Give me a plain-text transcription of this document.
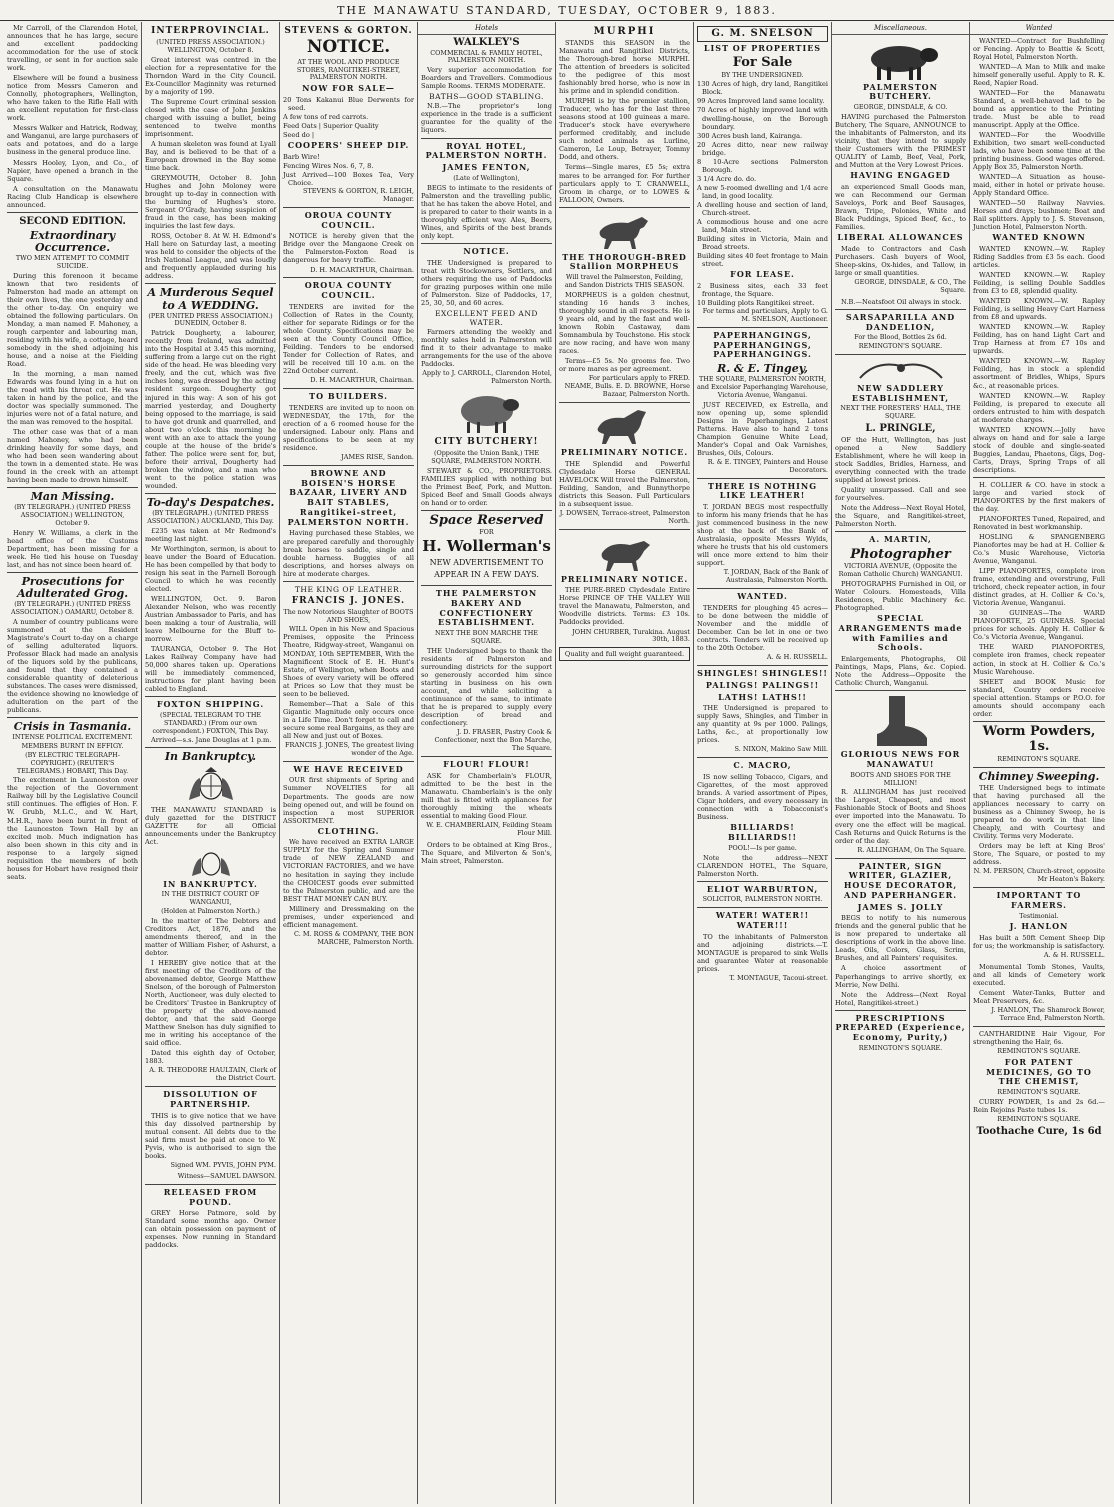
THE MANAWATU STANDARD, TUESDAY, OCTOBER 9, 1883.
Mr Carroll, of the Clarendon Hotel, announces that he has large, secure and excellent paddocking accommodation for the use of stock travelling, or sent in for auction sale work.
Elsewhere will be found a business notice from Messrs Cameron and Connolly, photographers, Wellington, who have taken to the Rifle Hall with an excellent reputation for first-class work.
Messrs Walker and Hatrick, Rodway, and Wanganui, are large purchasers of oats and potatoes, and do a large business in the general produce line.
Messrs Hooley, Lyon, and Co., of Napier, have opened a branch in the Square.
A consultation on the Manawatu Racing Club Handicap is elsewhere announced.
SECOND EDITION.
Extraordinary Occurrence.
TWO MEN ATTEMPT TO COMMIT SUICIDE.
During this forenoon it became known that two residents of Palmerston had made an attempt on their own lives, the one yesterday and the other to-day. On enquiry we obtained the following particulars. On Monday, a man named F. Mahoney, a rough carpenter and labouring man, residing with his wife, a cottage, heard somebody in the shed adjoining his house, and a noise at the Fielding Road.
In the morning, a man named Edwards was found lying in a hut on the road with his throat cut. He was taken in hand by the police, and the doctor was specially summoned. The injuries were not of a fatal nature, and the man was removed to the hospital.
The other case was that of a man named Mahoney, who had been drinking heavily for some days, and who had been seen wandering about the town in a demented state. He was found in the creek with an attempt having been made to drown himself.
Man Missing.
(BY TELEGRAPH.) (UNITED PRESS ASSOCIATION.) WELLINGTON, October 9.
Henry W. Williams, a clerk in the head office of the Customs Department, has been missing for a week. He tied his house on Tuesday last, and has not since been heard of.
Prosecutions for Adulterated Grog.
(BY TELEGRAPH.) (UNITED PRESS ASSOCIATION.) OAMARU, October 8.
A number of country publicans were summoned at the Resident Magistrate's Court to-day on a charge of selling adulterated liquors. Professor Black had made an analysis of the liquors sold by the publicans, and found that they contained a considerable quantity of deleterious substances. The cases were dismissed, the evidence showing no knowledge of adulteration on the part of the publicans.
Crisis in Tasmania.
INTENSE POLITICAL EXCITEMENT.
MEMBERS BURNT IN EFFIGY.
(BY ELECTRIC TELEGRAPH-COPYRIGHT.) (REUTER'S TELEGRAMS.) HOBART, This Day.
The excitement in Launceston over the rejection of the Government Railway bill by the Legislative Council still continues. The effigies of Hon. F. W. Grubb, M.L.C., and W. Hart, M.H.R., have been burnt in front of the Launceston Town Hall by an excited mob. Much indignation has also been shown in this city and in response to a largely signed requisition the members of both houses for Hobart have resigned their seats.
INTERPROVINCIAL.
(UNITED PRESS ASSOCIATION.) WELLINGTON, October 8.
Great interest was centred in the election for a representative for the Thorndon Ward in the City Council. Ex-Councillor Maginnity was returned by a majority of 199.
The Supreme Court criminal session closed with the case of John Jenkins charged with issuing a bullet, being sentenced to twelve months imprisonment.
A human skeleton was found at Lyall Bay, and is believed to be that of a European drowned in the Bay some time back.
GREYMOUTH, October 8. John Hughes and John Moloney were brought up to-day in connection with the burning of Hughes's store. Sergeant O'Grady, having suspicion of fraud in the case, has been making inquiries the last few days.
ROSS, October 8. At W. H. Edmond's Hall here on Saturday last, a meeting was held to consider the objects of the Irish National League, and was loudly and frequently applauded during his address.
A Murderous Sequel to A WEDDING.
(PER UNITED PRESS ASSOCIATION.) DUNEDIN, October 8.
Patrick Dougherty, a labourer, recently from Ireland, was admitted into the Hospital at 3.45 this morning, suffering from a large cut on the right side of the head. He was bleeding very freely, and the cut, which was five inches long, was dressed by the acting resident surgeon. Dougherty got injured in this way: A son of his got married yesterday, and Dougherty being opposed to the marriage, is said to have got drunk and quarrelled, and about two o'clock this morning he went with an axe to attack the young couple at the house of the bride's father. The police were sent for, but, before their arrival, Dougherty had broken the window, and a man who went to the police station was wounded.
To-day's Despatches.
(BY TELEGRAPH.) (UNITED PRESS ASSOCIATION.) AUCKLAND, This Day.
£235 was taken at Mr Redmond's meeting last night.
Mr Worthington, sermon, is about to leave under the Board of Education. He has been compelled by that body to resign his seat in the Parnell Borough Council to which he was recently elected.
WELLINGTON, Oct. 9. Baron Alexander Nelson, who was recently Austrian Ambassador to Paris, and has been making a tour of Australia, will leave Melbourne for the Bluff to-morrow.
TAURANGA, October 9. The Hot Lakes Railway Company have had 50,000 shares taken up. Operations will be immediately commenced, instructions for plant having been cabled to England.
FOXTON SHIPPING.
(SPECIAL TELEGRAM TO THE STANDARD.) (From our own correspondent.) FOXTON, This Day.
Arrived—s.s. Jane Douglas at 1 p.m.
In Bankruptcy.
THE MANAWATU STANDARD is duly gazetted for the DISTRICT GAZETTE for all Official announcements under the Bankruptcy Act.
IN BANKRUPTCY.
IN THE DISTRICT COURT OF WANGANUI,
(Holden at Palmerston North.)
In the matter of The Debtors and Creditors Act, 1876, and the amendments thereof, and in the matter of William Fisher, of Ashurst, a debtor.
I HEREBY give notice that at the first meeting of the Creditors of the abovenamed debtor, George Matthew Snelson, of the borough of Palmerston North, Auctioneer, was duly elected to be Creditors' Trustee in Bankruptcy of the property of the above-named debtor, and that the said George Matthew Snelson has duly signified to me in writing his acceptance of the said office.
Dated this eighth day of October, 1883.
A. R. THEODORE HAULTAIN, Clerk of the District Court.
DISSOLUTION OF PARTNERSHIP.
THIS is to give notice that we have this day dissolved partnership by mutual consent. All debts due to the said firm must be paid at once to W. Pyvis, who is authorised to sign the books.
Signed WM. PYVIS, JOHN PYM.
Witness—SAMUEL DAWSON.
RELEASED FROM POUND.
GREY Horse Patmore, sold by Standard some months ago. Owner can obtain possession on payment of expenses. Now running in Standard paddocks.
STEVENS & GORTON.
NOTICE.
AT THE WOOL AND PRODUCE STORES, RANGITIKEI-STREET, PALMERSTON NORTH.
NOW FOR SALE—
20 Tons Kakanui Blue Derwents for seed.
A few tons of red carrots.
Feed Oats | Superior Quality
Seed do |
COOPERS' SHEEP DIP.
Barb Wire!
Fencing Wires Nos. 6, 7, 8.
Just Arrived—100 Boxes Tea, Very Choice.
STEVENS & GORTON, R. LEIGH, Manager.
OROUA COUNTY COUNCIL.
NOTICE is hereby given that the Bridge over the Mangaone Creek on the Palmerston-Foxton Road is dangerous for heavy traffic.
D. H. MACARTHUR, Chairman.
OROUA COUNTY COUNCIL.
TENDERS are invited for the Collection of Rates in the County, either for separate Ridings or for the whole County. Specifications may be seen at the County Council Office, Feilding. Tenders to be endorsed Tender for Collection of Rates, and will be received till 10 a.m. on the 22nd October current.
D. H. MACARTHUR, Chairman.
TO BUILDERS.
TENDERS are invited up to noon on WEDNESDAY, the 17th, for the erection of a 6 roomed house for the undersigned. Labour only. Plans and specifications to be seen at my residence.
JAMES RISE, Sandon.
BROWNE AND BOISEN'S HORSE BAZAAR, LIVERY AND BAIT STABLES, Rangitikei-street, PALMERSTON NORTH.
Having purchased these Stables, we are prepared carefully and thoroughly break horses to saddle, single and double harness. Buggies of all descriptions, and horses always on hire at moderate charges.
THE KING OF LEATHER.
FRANCIS J. JONES.
The now Notorious Slaughter of BOOTS AND SHOES,
WILL Open in his New and Spacious Premises, opposite the Princess Theatre, Ridgway-street, Wanganui on MONDAY, 10th SEPTEMBER, With the Magnificent Stock of E. H. Hunt's Estate, of Wellington, when Boots and Shoes of every variety will be offered at Prices so Low that they must be seen to be believed.
Remember—That a Sale of this Gigantic Magnitude only occurs once in a Life Time. Don't forget to call and secure some real Bargains, as they are all New and just out of Boxes.
FRANCIS J. JONES, The greatest living wonder of the Age.
WE HAVE RECEIVED
OUR first shipments of Spring and Summer NOVELTIES for all Departments. The goods are now being opened out, and will be found on inspection a most SUPERIOR ASSORTMENT.
CLOTHING.
We have received an EXTRA LARGE SUPPLY for the Spring and Summer trade of NEW ZEALAND and VICTORIAN FACTORIES, and we have no hesitation in saying they include the CHOICEST goods ever submitted to the Palmerston public, and are the BEST THAT MONEY CAN BUY.
Millinery and Dressmaking on the premises, under experienced and efficient management.
C. M. ROSS & COMPANY, THE BON MARCHE, Palmerston North.
Hotels
WALKLEY'S
COMMERCIAL & FAMILY HOTEL, PALMERSTON NORTH.
Very superior accommodation for Boarders and Travellers. Commodious Sample Rooms. TERMS MODERATE.
BATHS—GOOD STABLING.
N.B.—The proprietor's long experience in the trade is a sufficient guarantee for the quality of the liquors.
ROYAL HOTEL, PALMERSTON NORTH.
JAMES FENTON,
(Late of Wellington),
BEGS to intimate to the residents of Palmerston and the travelling public, that he has taken the above Hotel, and is prepared to cater to their wants in a thoroughly efficient way. Ales, Beers, Wines, and Spirits of the best brands only kept.
NOTICE.
THE Undersigned is prepared to treat with Stockowners, Settlers, and others requiring the use of Paddocks for grazing purposes within one mile of Palmerston. Size of Paddocks, 17, 25, 30, 50, and 60 acres.
EXCELLENT FEED AND WATER.
Farmers attending the weekly and monthly sales held in Palmerston will find it to their advantage to make arrangements for the use of the above Paddocks.
Apply to J. CARROLL, Clarendon Hotel, Palmerston North.
CITY BUTCHERY!
(Opposite the Union Bank,) THE SQUARE, PALMERSTON NORTH.
STEWART & CO., PROPRIETORS. FAMILIES supplied with nothing but the Primest Beef, Pork, and Mutton. Spiced Beef and Small Goods always on hand or to order.
Space Reserved
FOR
H. Wollerman's
NEW ADVERTISEMENT TO APPEAR IN A FEW DAYS.
THE PALMERSTON BAKERY AND CONFECTIONERY ESTABLISHMENT.
NEXT THE BON MARCHE THE SQUARE.
THE Undersigned begs to thank the residents of Palmerston and surrounding districts for the support so generously accorded him since starting in business on his own account, and while soliciting a continuance of the same, to intimate that he is prepared to supply every description of bread and confectionery.
J. D. FRASER, Pastry Cook & Confectioner, next the Bon Marche, The Square.
FLOUR! FLOUR!
ASK for Chamberlain's FLOUR, admitted to be the best in the Manawatu. Chamberlain's is the only mill that is fitted with appliances for thoroughly mixing the wheats essential to making Good Flour.
W. E. CHAMBERLAIN, Feilding Steam Flour Mill.
Orders to be obtained at King Bros., The Square, and Milverton & Son's, Main street, Palmerston.
MURPHI
STANDS this SEASON in the Manawatu and Rangitikei Districts, the Thorough-bred horse MURPHI. The attention of breeders is solicited to the pedigree of this most fashionably bred horse, who is now in his prime and in splendid condition.
MURPHI is by the premier stallion, Traducer, who has for the last three seasons stood at 100 guineas a mare. Traducer's stock have everywhere performed creditably, and include such noted animals as Lurline, Cameron, Le Loup, Betrayer, Tommy Dodd, and others.
Terms—Single mares, £5 5s; extra mares to be arranged for. For further particulars apply to T. CRANWELL, Groom in charge, or to LOWES & FALLOON, Owners.
THE THOROUGH-BRED Stallion MORPHEUS
Will travel the Palmerston, Feilding, and Sandon Districts THIS SEASON.
MORPHEUS is a golden chestnut, standing 16 hands 3 inches, thoroughly sound in all respects. He is 9 years old, and by the fast and well-known Robin Castaway, dam Somnambula by Touchstone. His stock are now racing, and have won many races.
Terms—£5 5s. No grooms fee. Two or more mares as per agreement.
For particulars apply to FRED. NEAME, Bulls. E. D. BROWNE, Horse Bazaar, Palmerston North.
PRELIMINARY NOTICE.
THE Splendid and Powerful Clydesdale Horse GENERAL HAVELOCK Will travel the Palmerston, Feilding, Sandon, and Bunnythorpe districts this Season. Full Particulars in a subsequent issue.
J. DOWSEN, Terrace-street, Palmerston North.
PRELIMINARY NOTICE.
THE PURE-BRED Clydesdale Entire Horse PRINCE OF THE VALLEY Will travel the Manawatu, Palmerston, and Woodville districts. Terms: £3 10s. Paddocks provided.
JOHN CHURBER, Turakina. August 30th, 1883.
Quality and full weight guaranteed.
G. M. SNELSON
LIST OF PROPERTIES
For Sale
BY THE UNDERSIGNED.
130 Acres of high, dry land, Rangitikei Block.
99 Acres Improved land same locality.
70 Acres of highly improved land with dwelling-house, on the Borough boundary.
300 Acres bush land, Kairanga.
20 Acres ditto, near new railway bridge.
8 10-Acre sections Palmerston Borough.
3 1/4 Acre do. do.
A new 5-roomed dwelling and 1/4 acre land, in good locality.
A dwelling house and section of land, Church-street.
A commodious house and one acre land, Main street.
Building sites in Victoria, Main and Broad streets.
Building sites 40 feet frontage to Main street.
FOR LEASE.
2 Business sites, each 33 feet frontage, the Square.
10 Building plots Rangitikei street.
For terms and particulars, Apply to G. M. SNELSON, Auctioneer.
PAPERHANGINGS, PAPERHANGINGS, PAPERHANGINGS.
R. & E. Tingey,
THE SQUARE, PALMERSTON NORTH, and Excelsior Paperhanging Warehouse, Victoria Avenue, Wanganui.
JUST RECEIVED, ex Estrella, and now opening up, some splendid Designs in Paperhangings, Latest Patterns. Have also to hand 2 tons Champion Genuine White Lead, Mander's Copal and Oak Varnishes, Brushes, Oils, Colours.
R. & E. TINGEY, Painters and House Decorators.
THERE IS NOTHING LIKE LEATHER!
T. JORDAN BEGS most respectfully to inform his many friends that he has just commenced business in the new shop at the back of the Bank of Australasia, opposite Messrs Wylds, where he trusts that his old customers will once more extend to him their support.
T. JORDAN, Back of the Bank of Australasia, Palmerston North.
WANTED.
TENDERS for ploughing 45 acres—to be done between the middle of November and the middle of December. Can be let in one or two contracts. Tenders will be received up to the 20th October.
A. & H. RUSSELL.
SHINGLES! SHINGLES!!
PALINGS! PALINGS!!
LATHS! LATHS!!
THE Undersigned is prepared to supply Saws, Shingles, and Timber in any quantity at 9s per 1000. Palings, Laths, &c., at proportionally low prices.
S. NIXON, Makino Saw Mill.
C. MACRO,
IS now selling Tobacco, Cigars, and Cigarettes, of the most approved brands. A varied assortment of Pipes, Cigar holders, and every necessary in connection with a Tobacconist's Business.
BILLIARDS! BILLIARDS!!
POOL!—Is per game.
Note the address—NEXT CLARENDON HOTEL, The Square, Palmerston North.
ELIOT WARBURTON,
SOLICITOR, PALMERSTON NORTH.
WATER! WATER!! WATER!!!
TO the inhabitants of Palmerston and adjoining districts.—T. MONTAGUE is prepared to sink Wells and guarantee Water at reasonable prices.
T. MONTAGUE, Tacoui-street.
Miscellaneous.
PALMERSTON BUTCHERY.
GEORGE, DINSDALE, & CO.
HAVING purchased the Palmerston Butchery, The Square, ANNOUNCE to the inhabitants of Palmerston, and its vicinity, that they intend to supply their Customers with the PRIMEST QUALITY of Lamb, Beef, Veal, Pork, and Mutton at the Very Lowest Prices.
HAVING ENGAGED
an experienced Small Goods man, we can Recommend our German Saveloys, Pork and Beef Sausages, Brawn, Tripe, Polonies, White and Black Puddings, Spiced Beef, &c., to Families.
LIBERAL ALLOWANCES
Made to Contractors and Cash Purchasers. Cash buyers of Wool, Sheep-skins, Ox-hides, and Tallow, in large or small quantities.
GEORGE, DINSDALE, & CO., The Square.
N.B.—Neatsfoot Oil always in stock.
SARSAPARILLA AND DANDELION,
For the Blood, Bottles 2s 6d.
REMINGTON'S SQUARE.
NEW SADDLERY ESTABLISHMENT,
NEXT THE FORESTERS' HALL, THE SQUARE.
L. PRINGLE,
OF the Hutt, Wellington, has just opened a New Saddlery Establishment, where he will keep in stock Saddles, Bridles, Harness, and everything connected with the trade supplied at lowest prices.
Quality unsurpassed. Call and see for yourselves.
Note the Address—Next Royal Hotel, the Square, and Rangitikei-street, Palmerston North.
A. MARTIN,
Photographer
VICTORIA AVENUE, (Opposite the Roman Catholic Church) WANGANUI.
PHOTOGRAPHS Furnished in Oil, or Water Colours. Homesteads, Villa Residences, Public Machinery &c. Photographed.
SPECIAL ARRANGEMENTS made with Families and Schools.
Enlargements, Photographs, Oil Paintings, Maps, Plans, &c. Copied. Note the Address—Opposite the Catholic Church, Wanganui.
GLORIOUS NEWS FOR MANAWATU!
BOOTS AND SHOES FOR THE MILLION!
R. ALLINGHAM has just received the Largest, Cheapest, and most Fashionable Stock of Boots and Shoes ever imported into the Manawatu. To every one the effect will be magical. Cash Returns and Quick Returns is the order of the day.
R. ALLINGHAM, On The Square.
PAINTER, SIGN WRITER, GLAZIER, HOUSE DECORATOR, AND PAPERHANGER.
JAMES S. JOLLY
BEGS to notify to his numerous friends and the general public that he is now prepared to undertake all descriptions of work in the above line. Leads, Oils, Colors, Glass, Scrim, Brushes, and all Painters' requisites.
A choice assortment of Paperhangings to arrive shortly, ex Merrie, New Delhi.
Note the Address—(Next Royal Hotel, Rangitikei-street.)
PRESCRIPTIONS PREPARED (Experience, Economy, Purity,)
REMINGTON'S SQUARE.
Wanted
WANTED—Contract for Bushfelling or Fencing. Apply to Beattie & Scott, Royal Hotel, Palmerston North.
WANTED—A Man to Milk and make himself generally useful. Apply to R. K. Reed, Napier Road.
WANTED—For the Manawatu Standard, a well-behaved lad to be bound as apprentice to the Printing trade. Must be able to read manuscript. Apply at the Office.
WANTED—For the Woodville Exhibition, two smart well-conducted lads, who have been some time at the printing business. Good wages offered. Apply Box 35, Palmerston North.
WANTED—A Situation as house-maid, either in hotel or private house. Apply Standard Office.
WANTED—50 Railway Navvies. Horses and drays; bushmen; Boat and Rail splitters. Apply to J. S. Stevenson, Junction Hotel, Palmerston North.
WANTED KNOWN
WANTED KNOWN.—W. Rapley Riding Saddles from £3 5s each. Good articles.
WANTED KNOWN.—W. Rapley Feilding, is selling Double Saddles from £3 to £8, splendid quality.
WANTED KNOWN.—W. Rapley Feilding, is selling Heavy Cart Harness from £8 and upwards.
WANTED KNOWN.—W. Rapley Feilding, has on hand Light Cart and Trap Harness at from £7 10s and upwards.
WANTED KNOWN.—W. Rapley Feilding, has in stock a splendid assortment of Bridles, Whips, Spurs &c., at reasonable prices.
WANTED KNOWN.—W. Rapley Feilding, is prepared to execute all orders entrusted to him with despatch at moderate charges.
WANTED KNOWN.—Jolly have always on hand and for sale a large stock of double and single-seated Buggies, Landau, Phaetons, Gigs, Dog-Carts, Drays, Spring Traps of all descriptions.
H. COLLIER & CO. have in stock a large and varied stock of PIANOFORTES by the first makers of the day.
PIANOFORTES Tuned, Repaired, and Renovated in best workmanship.
HOSLING & SPANGENBERG Pianofortes may be had at H. Collier & Co.'s Music Warehouse, Victoria Avenue, Wanganui.
LIPP PIANOFORTES, complete iron frame, extending and overstrung, Full trichord, check repeater action, in four distinct grades, at H. Collier & Co.'s, Victoria Avenue, Wanganui.
30 GUINEAS—The WARD PIANOFORTE, 25 GUINEAS. Special prices for schools. Apply H. Collier & Co.'s Victoria Avenue, Wanganui.
THE WARD PIANOFORTES, complete iron frames, check repeater action, in stock at H. Collier & Co.'s Music Warehouse.
SHEET and BOOK Music for standard, Country orders receive special attention. Stamps or P.O.O. for amounts should accompany each order.
Worm Powders,
1s.
REMINGTON'S SQUARE.
Chimney Sweeping.
THE Undersigned begs to intimate that having purchased all the appliances necessary to carry on business as a Chimney Sweep, he is prepared to do work in that line Cheaply, and with Courtesy and Civility. Terms very Moderate.
Orders may be left at King Bros' Store, The Square, or posted to my address.
N. M. PERSON, Church-street, opposite Mr Heaton's Bakery.
IMPORTANT TO FARMERS.
Testimonial.
J. HANLON
Has built a 50ft Cement Sheep Dip for us; the workmanship is satisfactory.
A. & H. RUSSELL.
Monumental Tomb Stones, Vaults, and all kinds of Cemetery work executed.
Cement Water-Tanks, Butter and Meat Preservers, &c.
J. HANLON, The Shamrock Bower, Terrace End, Palmerston North.
CANTHARIDINE Hair Vigour, For strengthening the Hair, 6s.
REMINGTON'S SQUARE.
FOR PATENT MEDICINES, GO TO THE CHEMIST,
REMINGTON'S SQUARE.
CURRY POWDER, 1s and 2s 6d.—Rein Rejoins Paste tubes 1s.
REMINGTON'S SQUARE.
Toothache Cure, 1s 6d
